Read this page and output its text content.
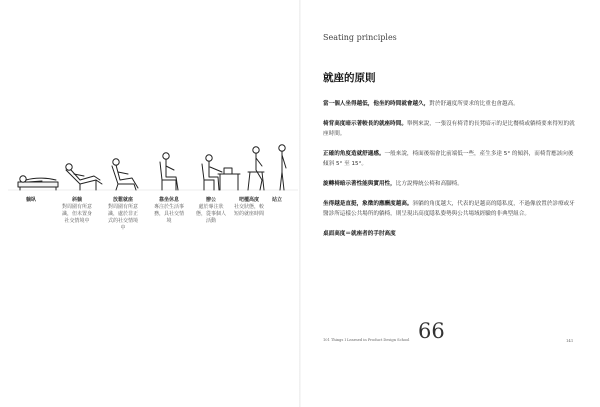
躺臥	斜躺
對周圍有所意識，但未置身社交情境中
放鬆就座
對周圍有所意識，處於非正式的社交情境中
靠坐休息
專注於生活事務，具社交情境
辦公
處於專注狀態，從事個人活動
吧檯高度
社交狀態，較短的就座時間
站立
Seating principles
就座的原則

當一個人坐得越低，他坐的時間就會越久，對於舒適度所要求的比重也會越高。

椅背高度暗示著較長的就座時間。舉例來說，一張沒有椅背的長凳暗示的是比餐椅或躺椅要來得短的就座時間。

正確的角度造就舒適感。一般來說，椅面後端會比前端低一些，產生多達 5° 的傾斜，而椅背應該向後傾斜 5° 至 15°。

旋轉椅暗示著性能與實用性，比方說傳統公椅和高腳椅。

坐得越是直挺，象徵的應酬度越高。斜躺的角度越大，代表的是越高的隱私度，不過像放置於診療或牙醫診所這樣公共場所的躺椅，則呈現出高度隱私姿勢與公共場域經驗的非典型組合。

桌面高度＝就座者的手肘高度
66
101 Things I Learned in Product Design School	141
